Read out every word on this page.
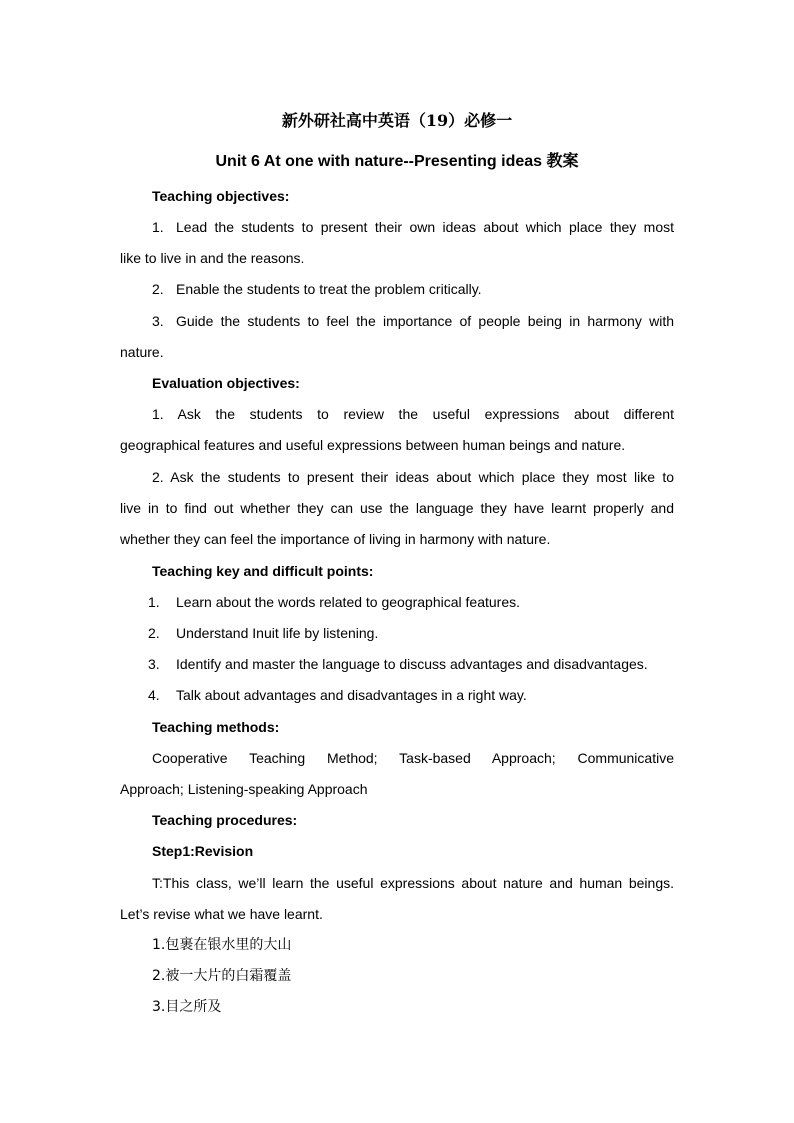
新外研社高中英语（19）必修一
Unit 6 At one with nature--Presenting ideas 教案
Teaching objectives:
1. Lead the students to present their own ideas about which place they most
like to live in and the reasons.
2. Enable the students to treat the problem critically.
3. Guide the students to feel the importance of people being in harmony with
nature.
Evaluation objectives:
1. Ask the students to review the useful expressions about different
geographical features and useful expressions between human beings and nature.
2. Ask the students to present their ideas about which place they most like to
live in to find out whether they can use the language they have learnt properly and
whether they can feel the importance of living in harmony with nature.
Teaching key and difficult points:
1. Learn about the words related to geographical features.
2. Understand Inuit life by listening.
3. Identify and master the language to discuss advantages and disadvantages.
4. Talk about advantages and disadvantages in a right way.
Teaching methods:
Cooperative Teaching Method; Task-based Approach; Communicative
Approach; Listening-speaking Approach
Teaching procedures:
Step1:Revision
T:This class, we’ll learn the useful expressions about nature and human beings.
Let’s revise what we have learnt.
1.包裹在银水里的大山
2.被一大片的白霜覆盖
3.目之所及
